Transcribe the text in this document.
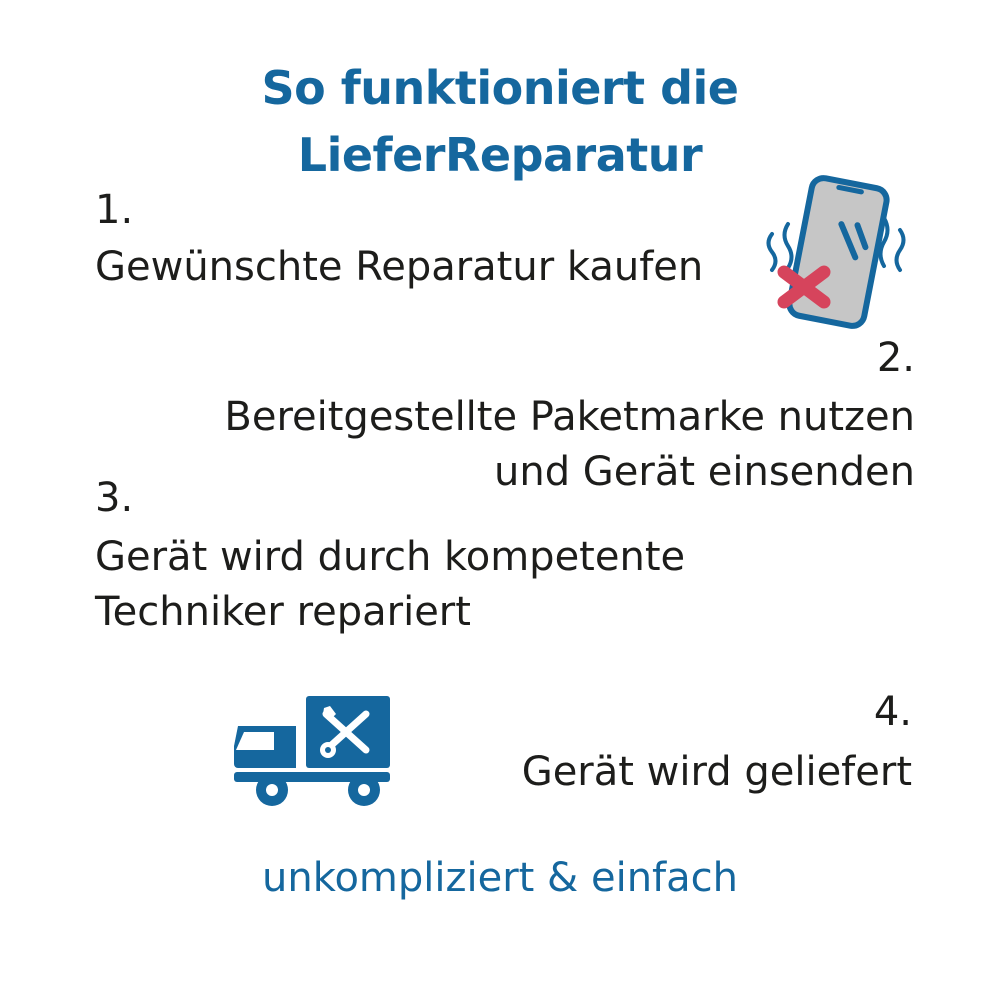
So funktioniert die
LieferReparatur
1.
Gewünschte Reparatur kaufen
2.
Bereitgestellte Paketmarke nutzen
und Gerät einsenden
3.
Gerät wird durch kompetente
Techniker repariert
4.
Gerät wird geliefert
unkompliziert & einfach
